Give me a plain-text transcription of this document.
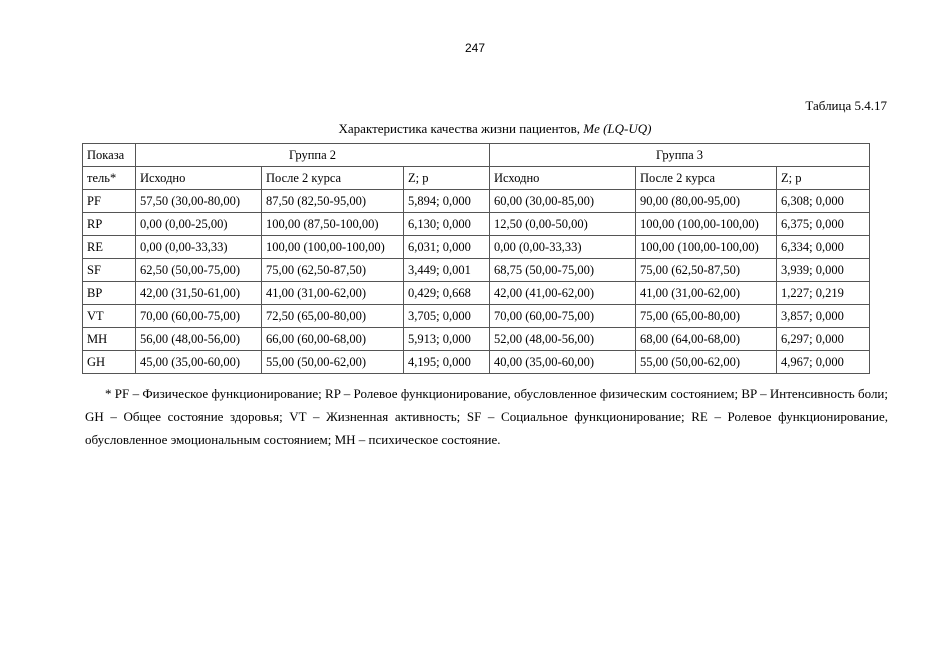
247
Таблица 5.4.17
Характеристика качества жизни пациентов, Me (LQ-UQ)
Показа	Группа 2			Группа 3		
тель*	Исходно	После 2 курса	Z; p	Исходно	После 2 курса	Z; p
PF	57,50 (30,00-80,00)	87,50 (82,50-95,00)	5,894; 0,000	60,00 (30,00-85,00)	90,00 (80,00-95,00)	6,308; 0,000
RP	0,00 (0,00-25,00)	100,00 (87,50-100,00)	6,130; 0,000	12,50 (0,00-50,00)	100,00 (100,00-100,00)	6,375; 0,000
RE	0,00 (0,00-33,33)	100,00 (100,00-100,00)	6,031; 0,000	0,00 (0,00-33,33)	100,00 (100,00-100,00)	6,334; 0,000
SF	62,50 (50,00-75,00)	75,00 (62,50-87,50)	3,449; 0,001	68,75 (50,00-75,00)	75,00 (62,50-87,50)	3,939; 0,000
BP	42,00 (31,50-61,00)	41,00 (31,00-62,00)	0,429; 0,668	42,00 (41,00-62,00)	41,00 (31,00-62,00)	1,227; 0,219
VT	70,00 (60,00-75,00)	72,50 (65,00-80,00)	3,705; 0,000	70,00 (60,00-75,00)	75,00 (65,00-80,00)	3,857; 0,000
MH	56,00 (48,00-56,00)	66,00 (60,00-68,00)	5,913; 0,000	52,00 (48,00-56,00)	68,00 (64,00-68,00)	6,297; 0,000
GH	45,00 (35,00-60,00)	55,00 (50,00-62,00)	4,195; 0,000	40,00 (35,00-60,00)	55,00 (50,00-62,00)	4,967; 0,000
* PF – Физическое функционирование; RP – Ролевое функционирование, обусловленное физическим состоянием; BP – Интенсивность боли; GH – Общее состояние здоровья; VT – Жизненная активность; SF – Социальное функционирование; RE – Ролевое функционирование, обусловленное эмоциональным состоянием; MH – психическое состояние.
